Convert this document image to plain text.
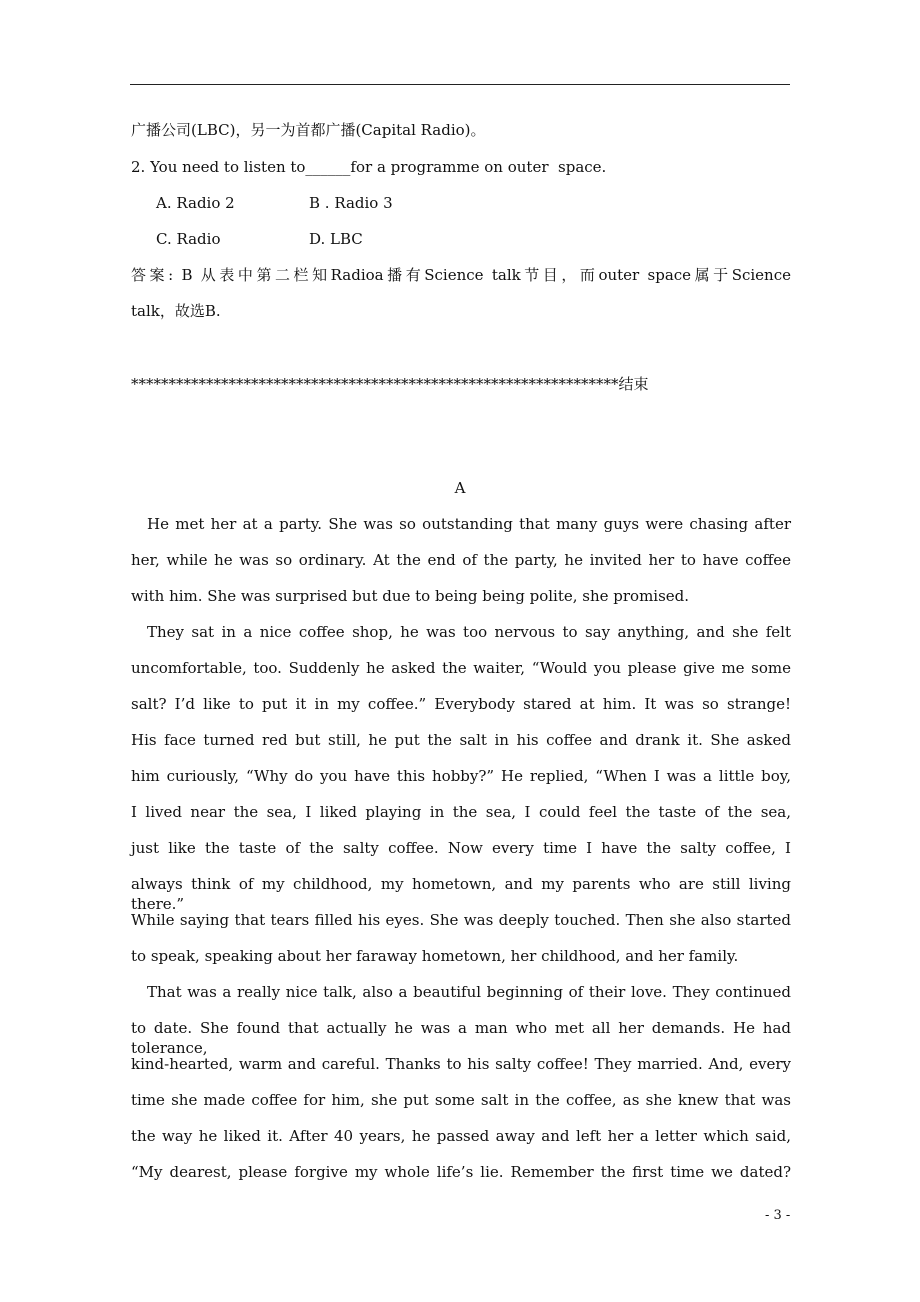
广播公司(LBC)，另一为首都广播(Capital Radio)。
2. You need to listen to______for a programme on outer  space.
A. Radio 2	B . Radio 3
C. Radio	D. LBC
答案: B 从表中第二栏知Radioa播有Science talk节目，而outer space属于Science
talk，故选B.
*****************************************************************结束
A
He met her at a party. She was so outstanding that many guys were chasing after
her, while he was so ordinary. At the end of the party, he invited her to have coffee
with him. She was surprised but due to being being polite, she promised.
They sat in a nice coffee shop, he was too nervous to say anything, and she felt
uncomfortable, too. Suddenly he asked the waiter, “Would you please give me some
salt? I’d like to put it in my coffee.” Everybody stared at him. It was so strange!
His face turned red but still, he put the salt in his coffee and drank it. She asked
him curiously, “Why do you have this hobby?” He replied, “When I was a little boy,
I lived near the sea, I liked playing in the sea, I could feel the taste of the sea,
just like the taste of the salty coffee. Now every time I have the salty coffee, I
always think of my childhood, my hometown, and my parents who are still living there.”
While saying that tears filled his eyes. She was deeply touched. Then she also started
to speak, speaking about her faraway hometown, her childhood, and her family.
That was a really nice talk, also a beautiful beginning of their love. They continued
to date. She found that actually he was a man who met all her demands. He had tolerance,
kind-hearted, warm and careful. Thanks to his salty coffee! They married. And, every
time she made coffee for him, she put some salt in the coffee, as she knew that was
the way he liked it. After 40 years, he passed away and left her a letter which said,
“My dearest, please forgive my whole life’s lie. Remember the first time we dated?
- 3 -
